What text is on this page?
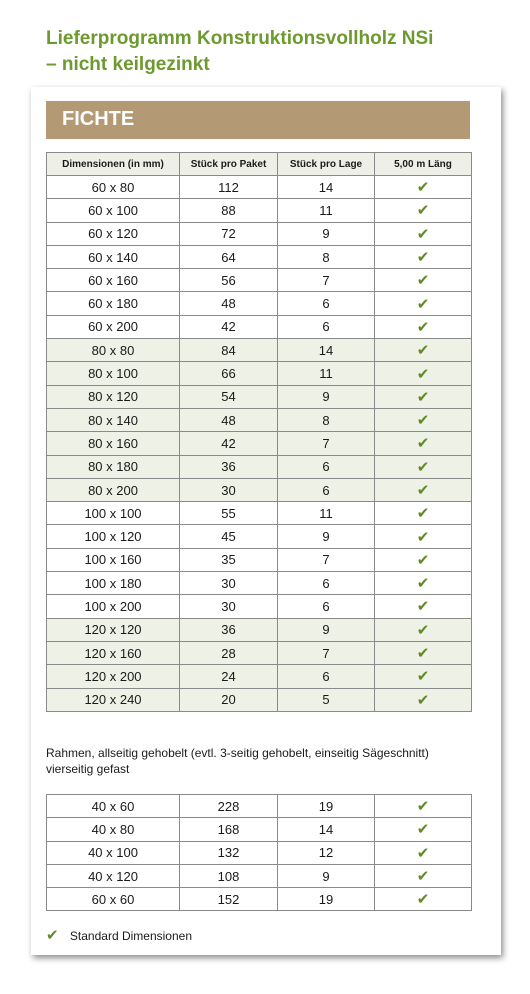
Lieferprogramm Konstruktionsvollholz NSi
– nicht keilgezinkt
FICHTE
Dimensionen (in mm)	Stück pro Paket	Stück pro Lage	5,00 m Läng
60 x 80	112	14	✔
60 x 100	88	11	✔
60 x 120	72	9	✔
60 x 140	64	8	✔
60 x 160	56	7	✔
60 x 180	48	6	✔
60 x 200	42	6	✔
80 x 80	84	14	✔
80 x 100	66	11	✔
80 x 120	54	9	✔
80 x 140	48	8	✔
80 x 160	42	7	✔
80 x 180	36	6	✔
80 x 200	30	6	✔
100 x 100	55	11	✔
100 x 120	45	9	✔
100 x 160	35	7	✔
100 x 180	30	6	✔
100 x 200	30	6	✔
120 x 120	36	9	✔
120 x 160	28	7	✔
120 x 200	24	6	✔
120 x 240	20	5	✔
Rahmen, allseitig gehobelt (evtl. 3-seitig gehobelt, einseitig Sägeschnitt)
vierseitig gefast
40 x 60	228	19	✔
40 x 80	168	14	✔
40 x 100	132	12	✔
40 x 120	108	9	✔
60 x 60	152	19	✔
✔ Standard Dimensionen
